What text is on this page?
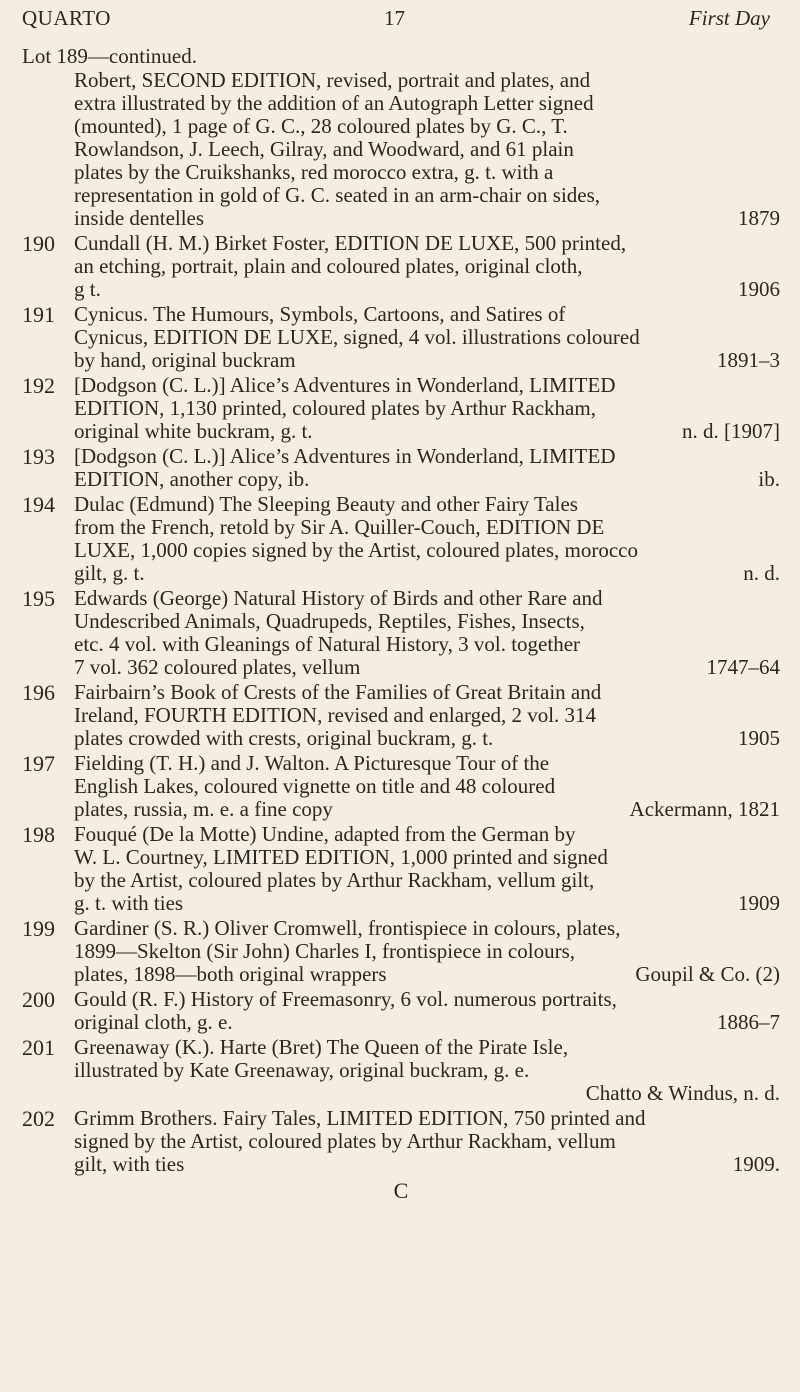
QUARTO	17	First Day
Lot 189—continued.
Robert, SECOND EDITION, revised, portrait and plates, and
extra illustrated by the addition of an Autograph Letter signed
(mounted), 1 page of G. C., 28 coloured plates by G. C., T.
Rowlandson, J. Leech, Gilray, and Woodward, and 61 plain
plates by the Cruikshanks, red morocco extra, g. t. with a
representation in gold of G. C. seated in an arm-chair on sides,
1879
inside dentelles
190 Cundall (H. M.) Birket Foster, EDITION DE LUXE, 500 printed,
an etching, portrait, plain and coloured plates, original cloth,
1906
g t.
191 Cynicus. The Humours, Symbols, Cartoons, and Satires of
Cynicus, EDITION DE LUXE, signed, 4 vol. illustrations coloured
1891–3
by hand, original buckram
192 [Dodgson (C. L.)] Alice’s Adventures in Wonderland, LIMITED
EDITION, 1,130 printed, coloured plates by Arthur Rackham,
n. d. [1907]
original white buckram, g. t.
193 [Dodgson (C. L.)] Alice’s Adventures in Wonderland, LIMITED
ib.
EDITION, another copy, ib.
194 Dulac (Edmund) The Sleeping Beauty and other Fairy Tales
from the French, retold by Sir A. Quiller-Couch, EDITION DE
LUXE, 1,000 copies signed by the Artist, coloured plates, morocco
n. d.
gilt, g. t.
195 Edwards (George) Natural History of Birds and other Rare and
Undescribed Animals, Quadrupeds, Reptiles, Fishes, Insects,
etc. 4 vol. with Gleanings of Natural History, 3 vol. together
1747–64
7 vol. 362 coloured plates, vellum
196 Fairbairn’s Book of Crests of the Families of Great Britain and
Ireland, FOURTH EDITION, revised and enlarged, 2 vol. 314
1905
plates crowded with crests, original buckram, g. t.
197 Fielding (T. H.) and J. Walton. A Picturesque Tour of the
English Lakes, coloured vignette on title and 48 coloured
Ackermann, 1821
plates, russia, m. e. a fine copy
198 Fouqué (De la Motte) Undine, adapted from the German by
W. L. Courtney, LIMITED EDITION, 1,000 printed and signed
by the Artist, coloured plates by Arthur Rackham, vellum gilt,
1909
g. t. with ties
199 Gardiner (S. R.) Oliver Cromwell, frontispiece in colours, plates,
1899—Skelton (Sir John) Charles I, frontispiece in colours,
Goupil & Co. (2)
plates, 1898—both original wrappers
200 Gould (R. F.) History of Freemasonry, 6 vol. numerous portraits,
1886–7
original cloth, g. e.
201 Greenaway (K.). Harte (Bret) The Queen of the Pirate Isle,
illustrated by Kate Greenaway, original buckram, g. e.
Chatto & Windus, n. d.
202 Grimm Brothers. Fairy Tales, LIMITED EDITION, 750 printed and
signed by the Artist, coloured plates by Arthur Rackham, vellum
1909.
gilt, with ties
C
